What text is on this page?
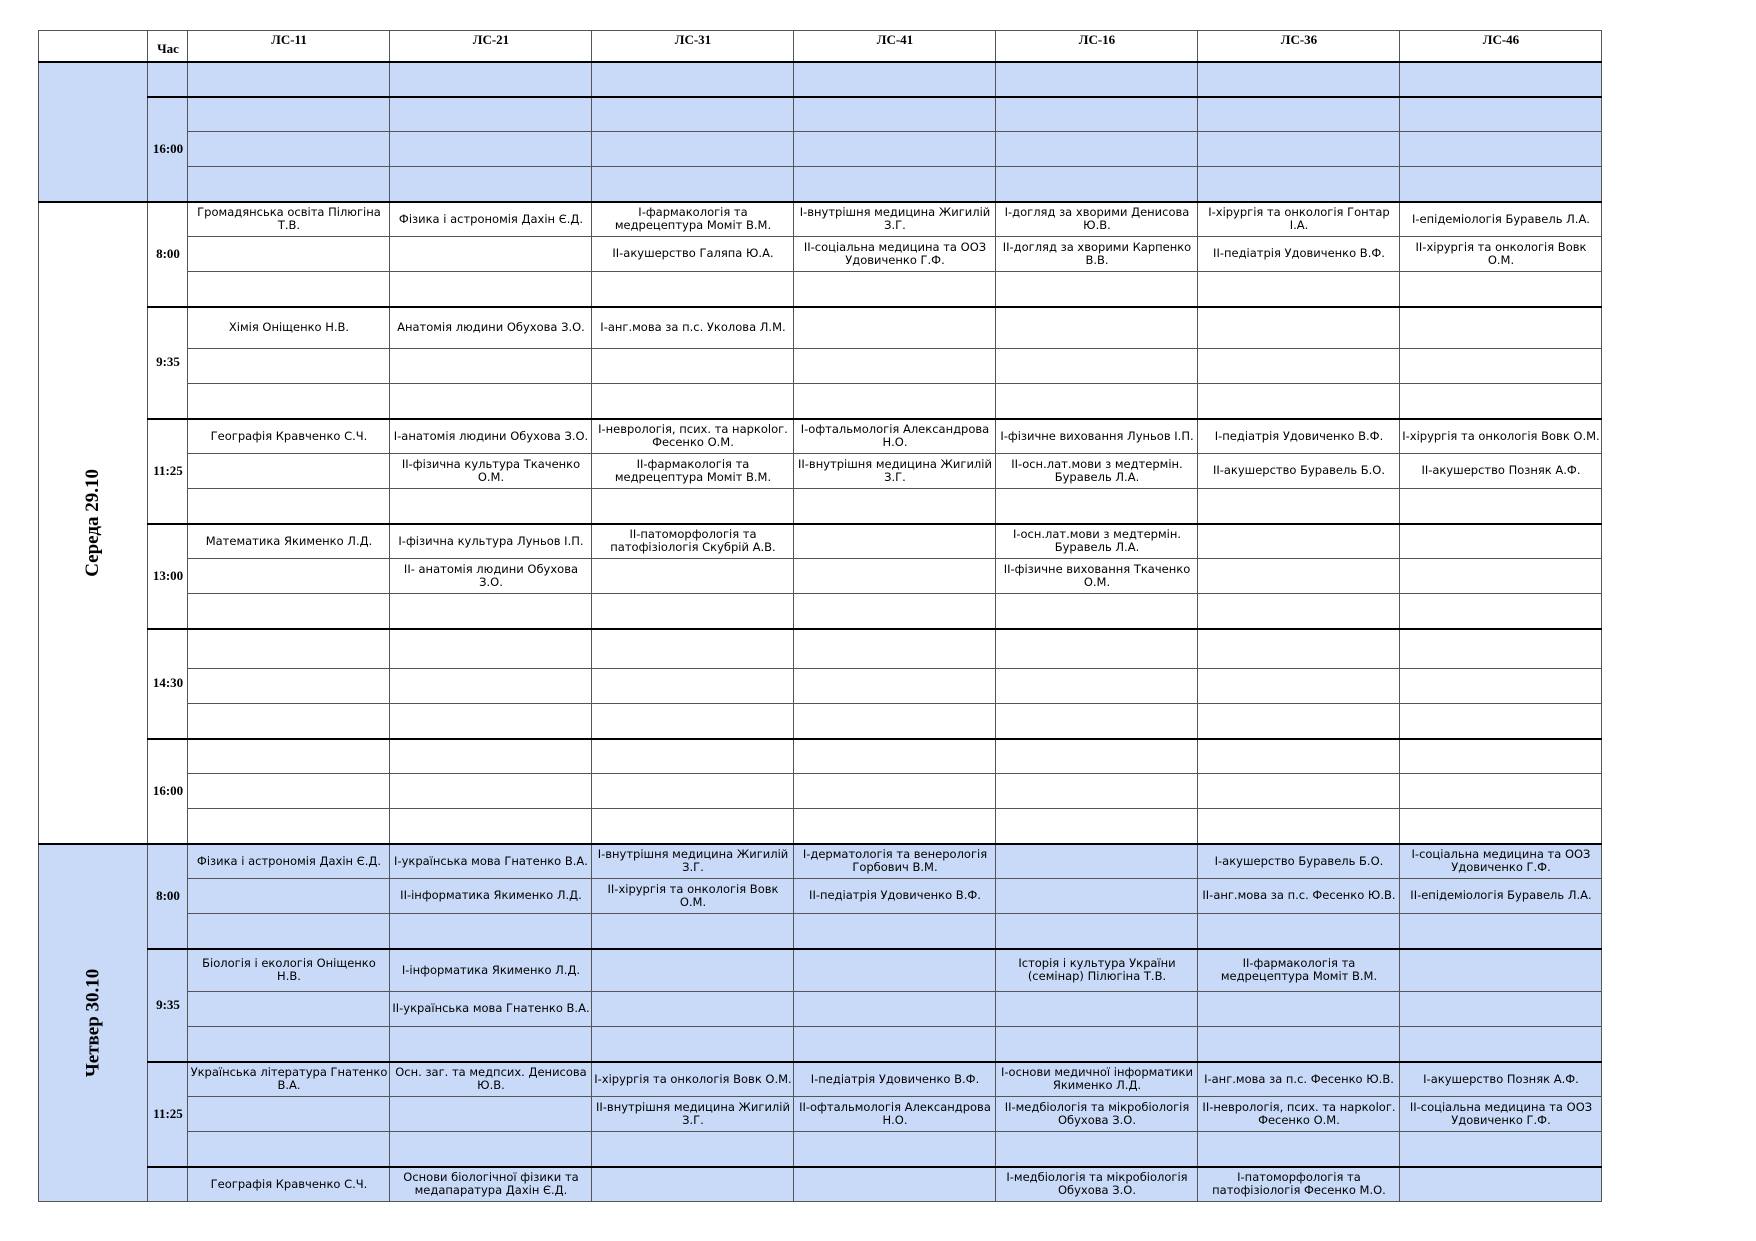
	Час	ЛС-11	ЛС-21	ЛС-31	ЛС-41	ЛС-16	ЛС-36	ЛС-46

	16:00							

Середа 29.10	8:00	Громадянська освіта Пілюгіна Т.В.	Фізика і астрономія Дахін Є.Д.	І-фармакологія та медрецептура Моміт В.М.	І-внутрішня медицина Жигилій З.Г.	І-догляд за хворими Денисова Ю.В.	І-хірургія та онкологія Гонтар І.А.	І-епідеміологія Буравель Л.А.
				ІІ-акушерство Галяпа Ю.А.	ІІ-соціальна медицина та ООЗ Удовиченко Г.Ф.	ІІ-догляд за хворими Карпенко В.В.	ІІ-педіатрія Удовиченко В.Ф.	ІІ-хірургія та онкологія Вовк О.М.

	9:35	Хімія Оніщенко Н.В.	Анатомія людини Обухова З.О.	І-анг.мова за п.с. Уколова Л.М.				

	11:25	Географія Кравченко С.Ч.	І-анатомія людини Обухова З.О.	І-неврологія, псих. та наркolог. Фесенко О.М.	І-офтальмологія Александрова Н.О.	І-фізичне виховання Луньов І.П.	І-педіатрія Удовиченко В.Ф.	І-хірургія та онкологія Вовк О.М.
			ІІ-фізична культура Ткаченко О.М.	ІІ-фармакологія та медрецептура Моміт В.М.	ІІ-внутрішня медицина Жигилій З.Г.	ІІ-осн.лат.мови з медтермін. Буравель Л.А.	ІІ-акушерство Буравель Б.О.	ІІ-акушерство Позняк А.Ф.

	13:00	Математика Якименко Л.Д.	І-фізична культура Луньов І.П.	ІІ-патоморфологія та патофізіологія Скубрій А.В.		І-осн.лат.мови з медтермін. Буравель Л.А.		
			ІІ- анатомія людини Обухова З.О.			ІІ-фізичне виховання Ткаченко О.М.		

	14:30							

	16:00							

Четвер 30.10	8:00	Фізика і астрономія Дахін Є.Д.	І-українська мова Гнатенко В.А.	І-внутрішня медицина Жигилій З.Г.	І-дерматологія та венерологія Горбович В.М.		І-акушерство Буравель Б.О.	І-соціальна медицина та ООЗ Удовиченко Г.Ф.
			ІІ-інформатика Якименко Л.Д.	ІІ-хірургія та онкологія Вовк О.М.	ІІ-педіатрія Удовиченко В.Ф.		ІІ-анг.мова за п.с. Фесенко Ю.В.	ІІ-епідеміологія Буравель Л.А.

	9:35	Біологія і екологія Оніщенко Н.В.	І-інформатика Якименко Л.Д.			Історія і культура України (семінар) Пілюгіна Т.В.	ІІ-фармакологія та медрецептура Моміт В.М.	
			ІІ-українська мова Гнатенко В.А.					

	11:25	Українська література Гнатенко В.А.	Осн. заг. та медпсих. Денисова Ю.В.	І-хірургія та онкологія Вовк О.М.	І-педіатрія Удовиченко В.Ф.	І-основи медичної інформатики Якименко Л.Д.	І-анг.мова за п.с. Фесенко Ю.В.	І-акушерство Позняк А.Ф.
				ІІ-внутрішня медицина Жигилій З.Г.	ІІ-офтальмологія Александрова Н.О.	ІІ-медбіологія та мікробіологія Обухова З.О.	ІІ-неврологія, псих. та наркolог. Фесенко О.М.	ІІ-соціальна медицина та ООЗ Удовиченко Г.Ф.

		Географія Кравченко С.Ч.	Основи біологічної фізики та медапаратура Дахін Є.Д.			І-медбіологія та мікробіологія Обухова З.О.	І-патоморфологія та патофізіологія Фесенко М.О.	
